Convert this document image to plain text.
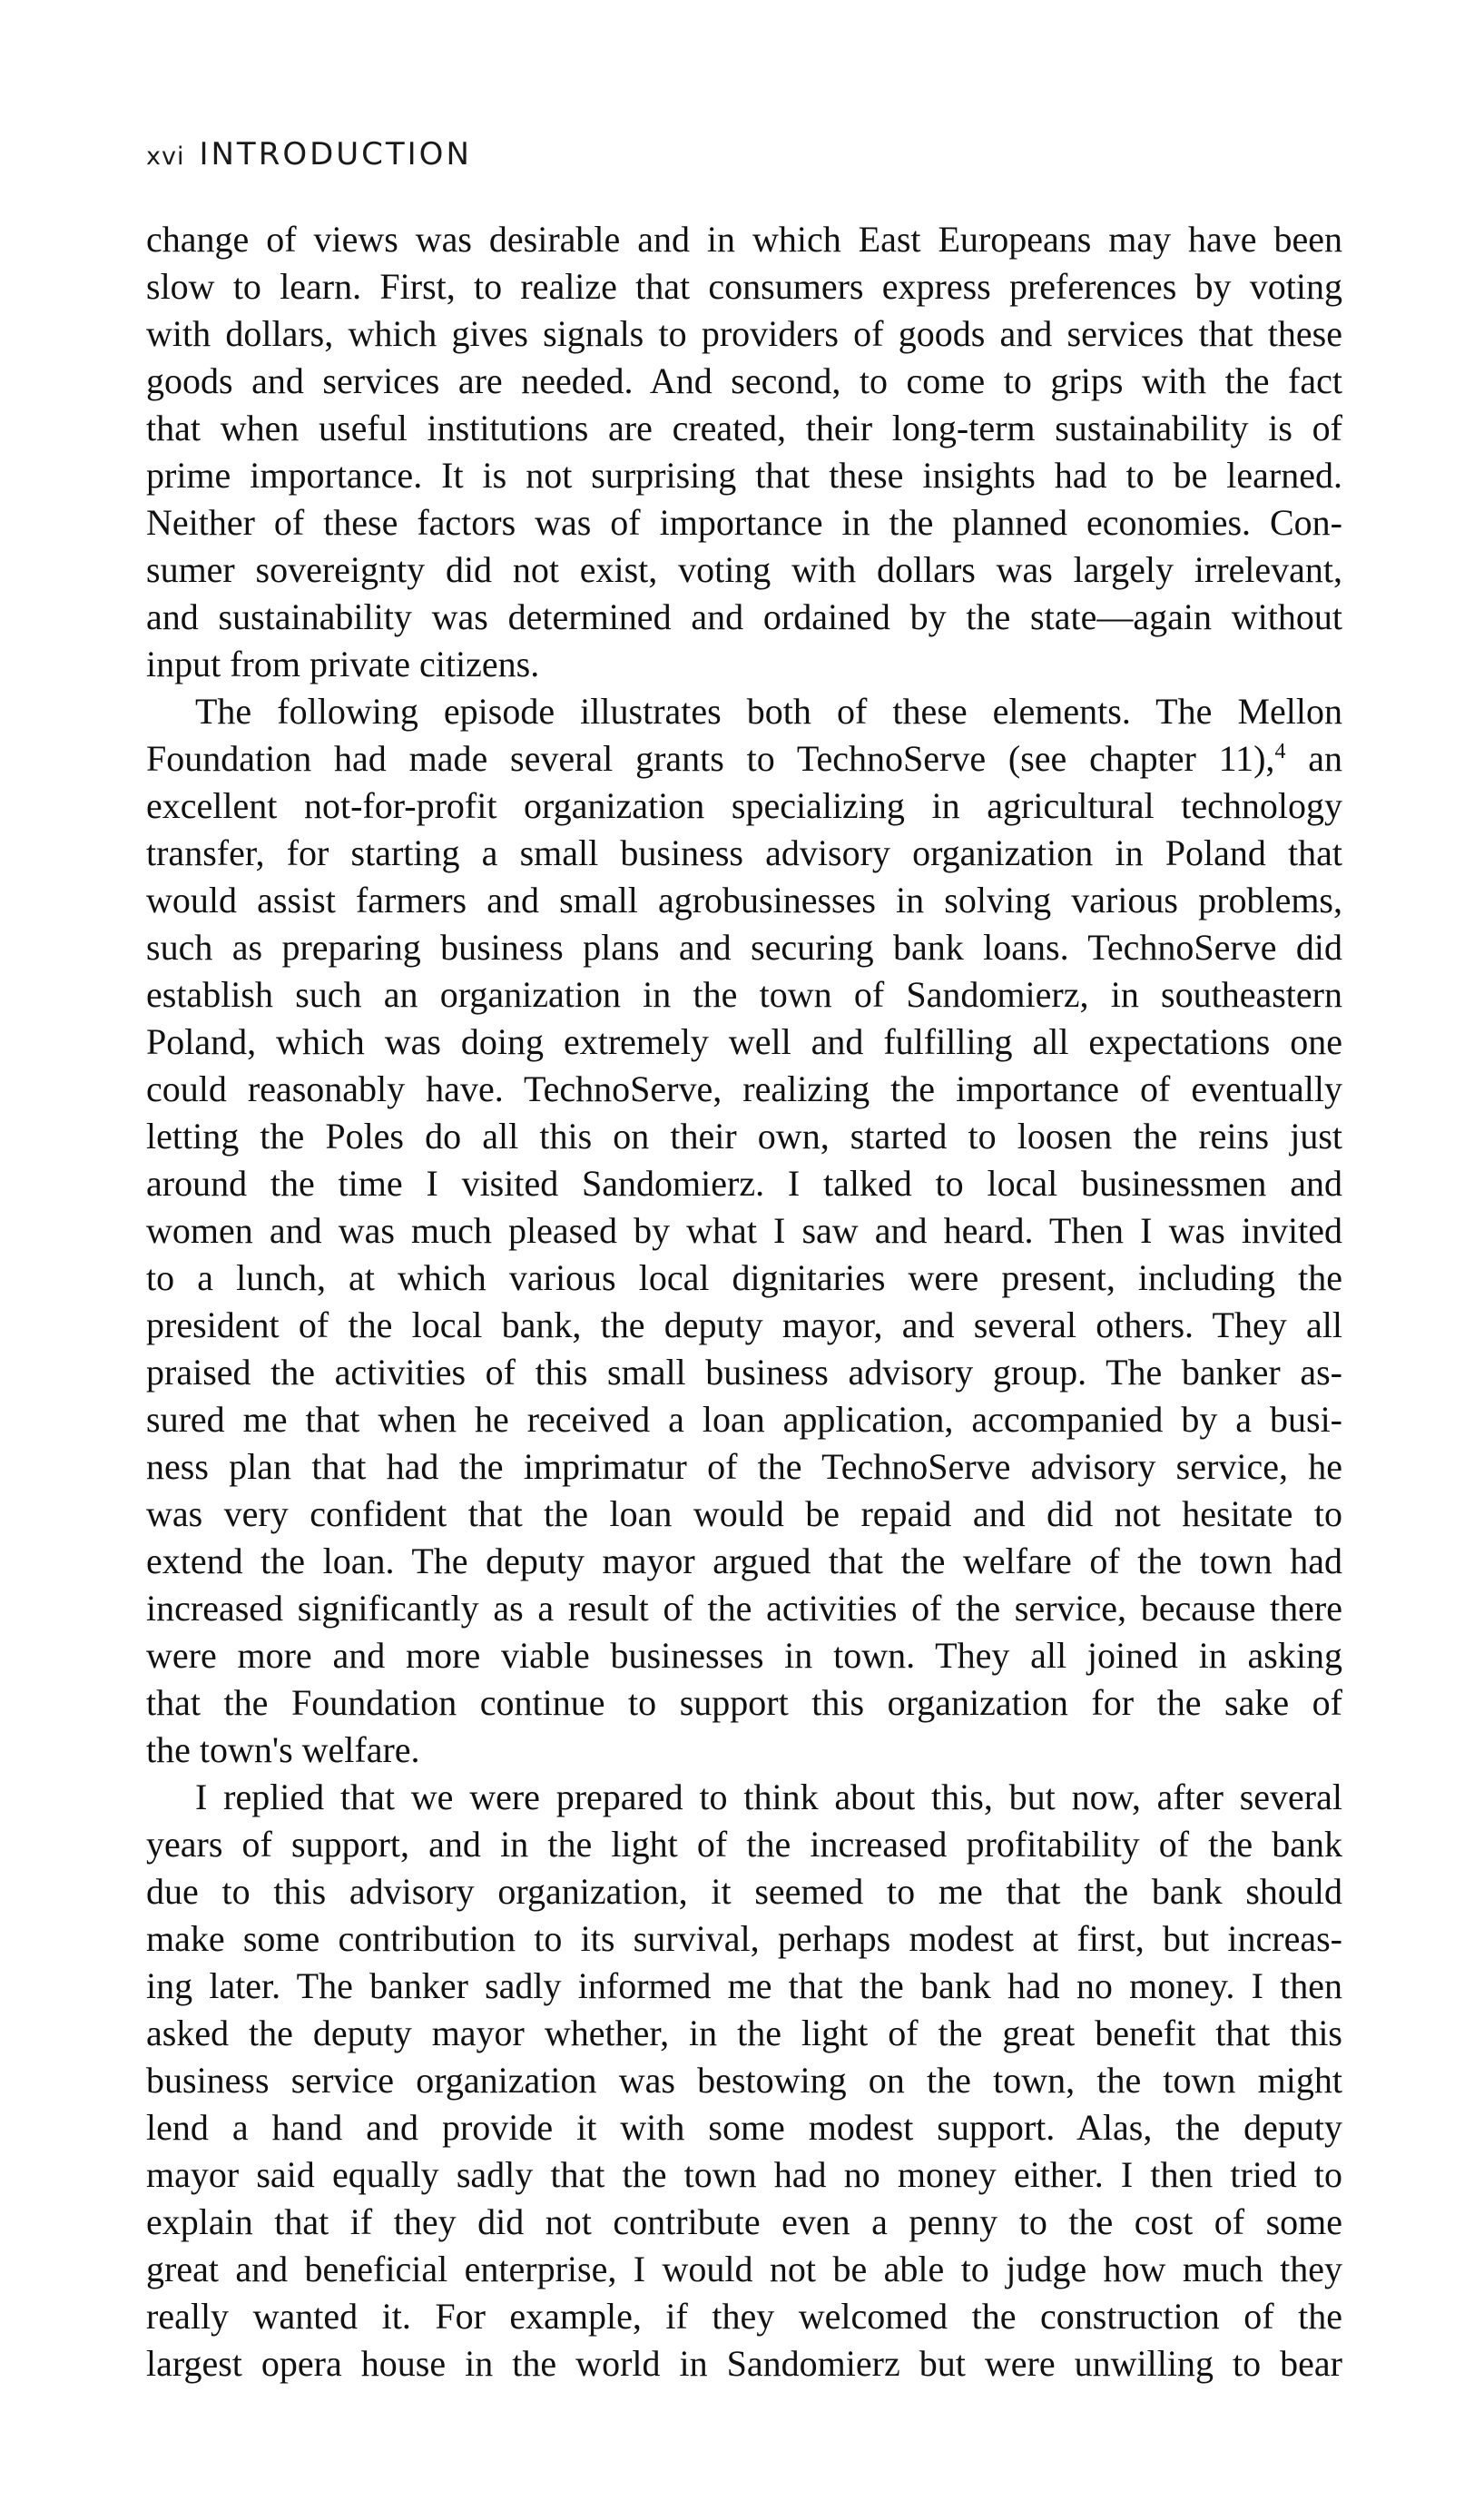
xvi INTRODUCTION
change of views was desirable and in which East Europeans may have been
slow to learn. First, to realize that consumers express preferences by voting
with dollars, which gives signals to providers of goods and services that these
goods and services are needed. And second, to come to grips with the fact
that when useful institutions are created, their long-term sustainability is of
prime importance. It is not surprising that these insights had to be learned.
Neither of these factors was of importance in the planned economies. Con-
sumer sovereignty did not exist, voting with dollars was largely irrelevant,
and sustainability was determined and ordained by the state—again without
input from private citizens.
The following episode illustrates both of these elements. The Mellon
Foundation had made several grants to TechnoServe (see chapter 11),$^4$ an
excellent not-for-profit organization specializing in agricultural technology
transfer, for starting a small business advisory organization in Poland that
would assist farmers and small agrobusinesses in solving various problems,
such as preparing business plans and securing bank loans. TechnoServe did
establish such an organization in the town of Sandomierz, in southeastern
Poland, which was doing extremely well and fulfilling all expectations one
could reasonably have. TechnoServe, realizing the importance of eventually
letting the Poles do all this on their own, started to loosen the reins just
around the time I visited Sandomierz. I talked to local businessmen and
women and was much pleased by what I saw and heard. Then I was invited
to a lunch, at which various local dignitaries were present, including the
president of the local bank, the deputy mayor, and several others. They all
praised the activities of this small business advisory group. The banker as-
sured me that when he received a loan application, accompanied by a busi-
ness plan that had the imprimatur of the TechnoServe advisory service, he
was very confident that the loan would be repaid and did not hesitate to
extend the loan. The deputy mayor argued that the welfare of the town had
increased significantly as a result of the activities of the service, because there
were more and more viable businesses in town. They all joined in asking
that the Foundation continue to support this organization for the sake of
the town's welfare.
I replied that we were prepared to think about this, but now, after several
years of support, and in the light of the increased profitability of the bank
due to this advisory organization, it seemed to me that the bank should
make some contribution to its survival, perhaps modest at first, but increas-
ing later. The banker sadly informed me that the bank had no money. I then
asked the deputy mayor whether, in the light of the great benefit that this
business service organization was bestowing on the town, the town might
lend a hand and provide it with some modest support. Alas, the deputy
mayor said equally sadly that the town had no money either. I then tried to
explain that if they did not contribute even a penny to the cost of some
great and beneficial enterprise, I would not be able to judge how much they
really wanted it. For example, if they welcomed the construction of the
largest opera house in the world in Sandomierz but were unwilling to bear
